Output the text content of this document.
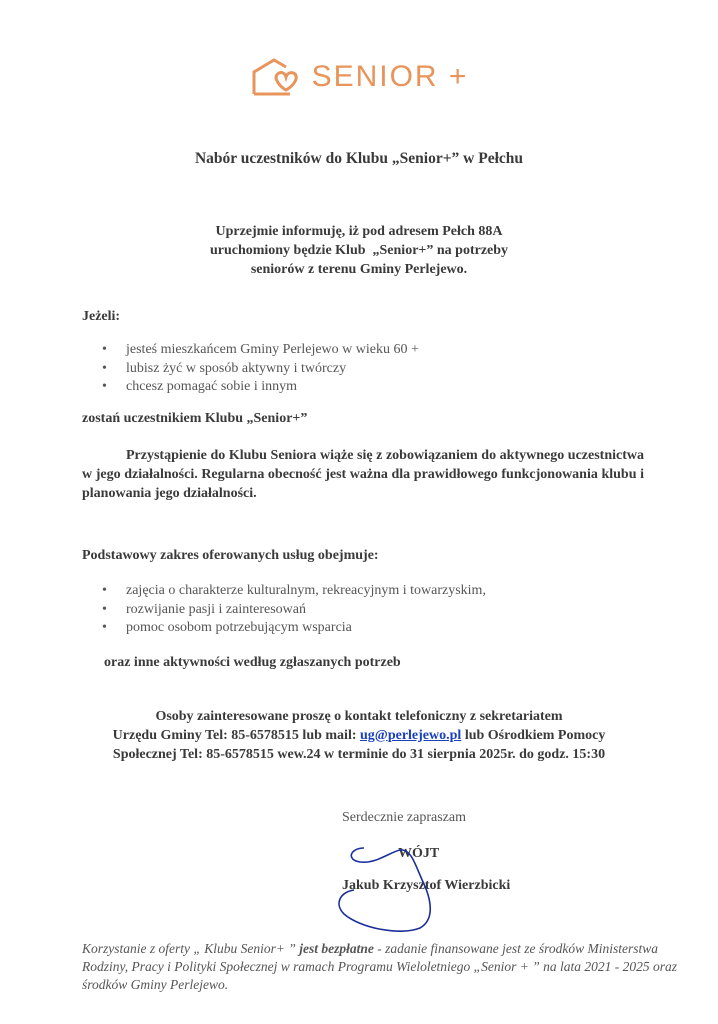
SENIOR +
Nabór uczestników do Klubu „Senior+” w Pełchu
Uprzejmie informuję, iż pod adresem Pełch 88A
uruchomiony będzie Klub  „Senior+” na potrzeby
seniorów z terenu Gminy Perlejewo.
Jeżeli:
• jesteś mieszkańcem Gminy Perlejewo w wieku 60 +
• lubisz żyć w sposób aktywny i twórczy
• chcesz pomagać sobie i innym
zostań uczestnikiem Klubu „Senior+”
Przystąpienie do Klubu Seniora wiąże się z zobowiązaniem do aktywnego uczestnictwa w jego działalności. Regularna obecność jest ważna dla prawidłowego funkcjonowania klubu i planowania jego działalności.
Podstawowy zakres oferowanych usług obejmuje:
• zajęcia o charakterze kulturalnym, rekreacyjnym i towarzyskim,
• rozwijanie pasji i zainteresowań
• pomoc osobom potrzebującym wsparcia
oraz inne aktywności według zgłaszanych potrzeb
Osoby zainteresowane proszę o kontakt telefoniczny z sekretariatem
Urzędu Gminy Tel: 85-6578515 lub mail: ug@perlejewo.pl lub Ośrodkiem Pomocy
Społecznej Tel: 85-6578515 wew.24 w terminie do 31 sierpnia 2025r. do godz. 15:30
Serdecznie zapraszam
WÓJT
Jakub Krzysztof Wierzbicki
Korzystanie z oferty „ Klubu Senior+ ” jest bezpłatne - zadanie finansowane jest ze środków Ministerstwa Rodziny, Pracy i Polityki Społecznej w ramach Programu Wieloletniego „Senior + ” na lata 2021 - 2025 oraz środków Gminy Perlejewo.
